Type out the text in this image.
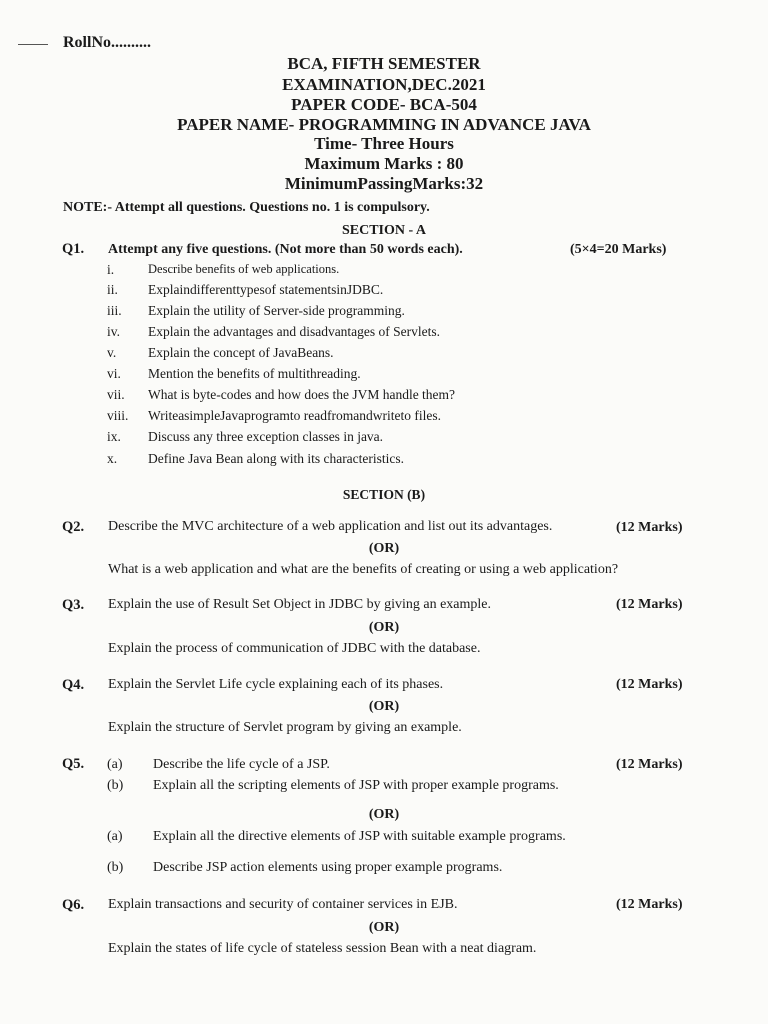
RollNo..........
BCA, FIFTH SEMESTER
EXAMINATION,DEC.2021
PAPER CODE- BCA-504
PAPER NAME- PROGRAMMING IN ADVANCE JAVA
Time- Three Hours
Maximum Marks : 80
MinimumPassingMarks:32
NOTE:- Attempt all questions. Questions no. 1 is compulsory.
SECTION - A
Q1. Attempt any five questions. (Not more than 50 words each).	(5×4=20 Marks)
i.	Describe benefits of web applications.
ii. Explaindifferenttypesof statementsinJDBC.
iii. Explain the utility of Server-side programming.
iv. Explain the advantages and disadvantages of Servlets.
v. Explain the concept of JavaBeans.
vi. Mention the benefits of multithreading.
vii. What is byte-codes and how does the JVM handle them?
viii. WriteasimpleJavaprogramto readfromandwriteto files.
ix. Discuss any three exception classes in java.
x. Define Java Bean along with its characteristics.
SECTION (B)
Q2. Describe the MVC architecture of a web application and list out its advantages.	(12 Marks)
(OR)
What is a web application and what are the benefits of creating or using a web application?
Q3. Explain the use of Result Set Object in JDBC by giving an example.	(12 Marks)
(OR)
Explain the process of communication of JDBC with the database.
Q4. Explain the Servlet Life cycle explaining each of its phases.	(12 Marks)
(OR)
Explain the structure of Servlet program by giving an example.
Q5. (a) Describe the life cycle of a JSP.	(12 Marks)
(b) Explain all the scripting elements of JSP with proper example programs.
(OR)
(a) Explain all the directive elements of JSP with suitable example programs.
(b) Describe JSP action elements using proper example programs.
Q6. Explain transactions and security of container services in EJB.	(12 Marks)
(OR)
Explain the states of life cycle of stateless session Bean with a neat diagram.
